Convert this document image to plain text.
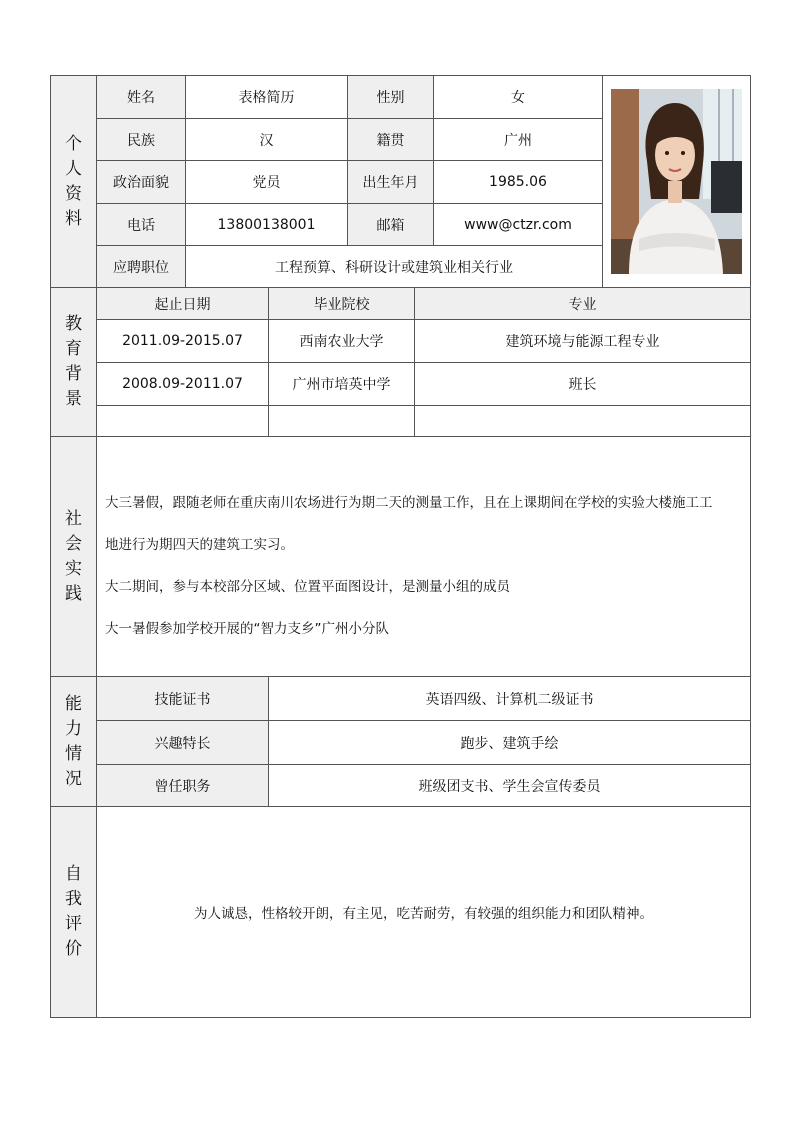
个
人
资
料
姓名	表格简历	性别	女
民族	汉	籍贯	广州
政治面貌	党员	出生年月	1985.06
电话	13800138001	邮箱	www@ctzr.com
应聘职位	工程预算、科研设计或建筑业相关行业
教
育
背
景
起止日期	毕业院校	专业
2011.09-2015.07	西南农业大学	建筑环境与能源工程专业
2008.09-2011.07	广州市培英中学	班长
社
会
实
践
大三暑假，跟随老师在重庆南川农场进行为期二天的测量工作，且在上课期间在学校的实验大楼施工工
地进行为期四天的建筑工实习。
大二期间，参与本校部分区域、位置平面图设计，是测量小组的成员
大一暑假参加学校开展的“智力支乡”广州小分队
能
力
情
况
技能证书	英语四级、计算机二级证书
兴趣特长	跑步、建筑手绘
曾任职务	班级团支书、学生会宣传委员
自
我
评
价
为人诚恳，性格较开朗，有主见，吃苦耐劳，有较强的组织能力和团队精神。
